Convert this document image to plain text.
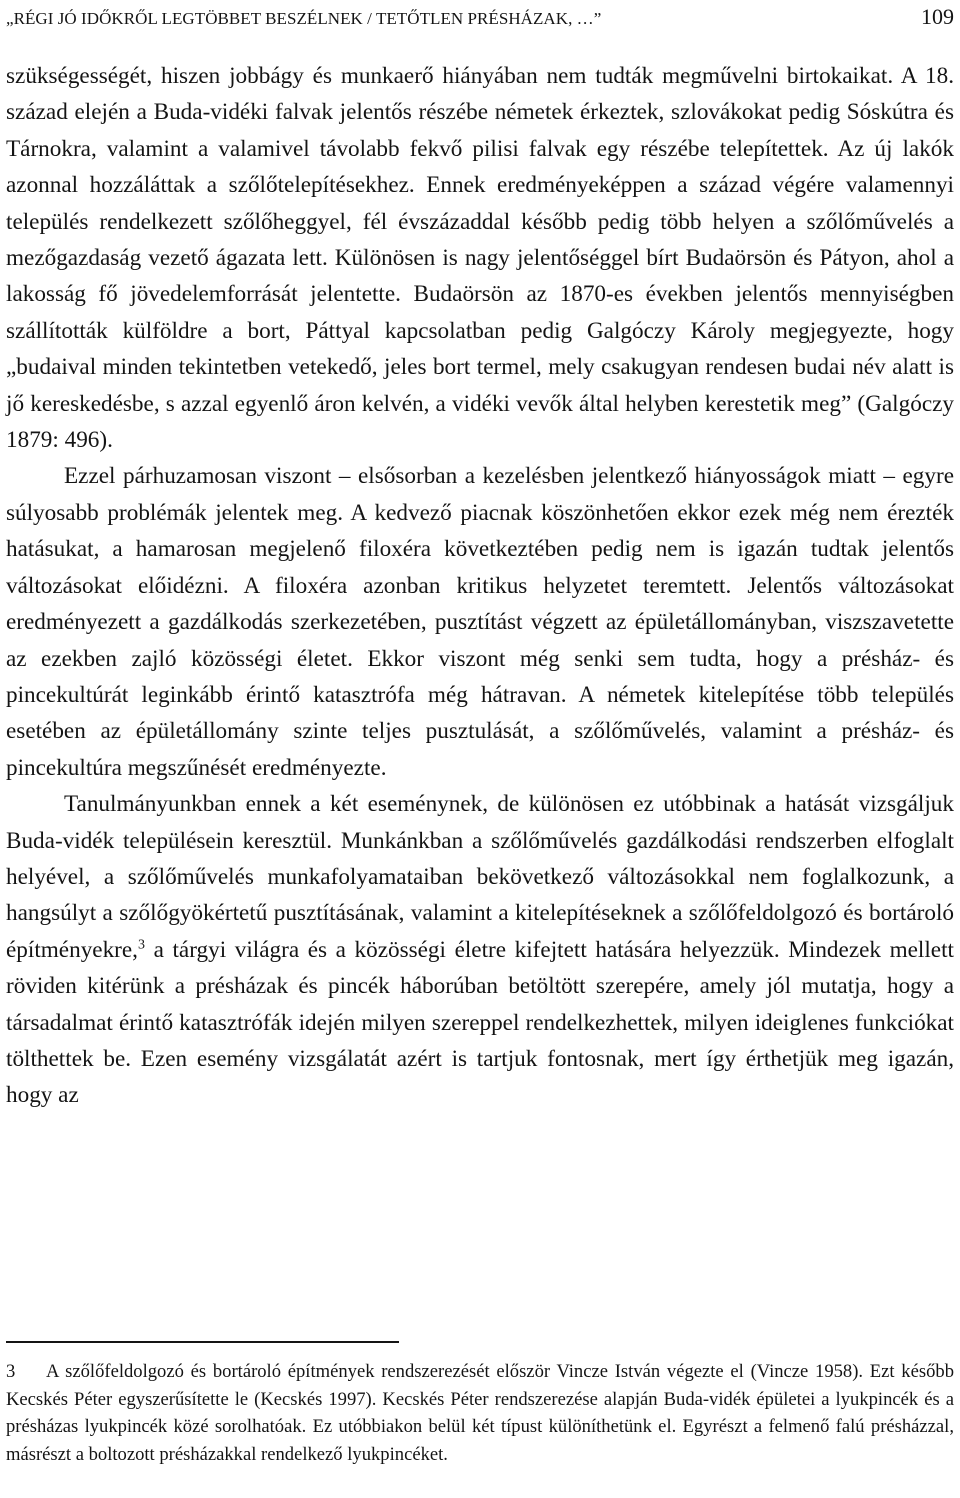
„RÉGI JÓ IDŐKRŐL LEGTÖBBET BESZÉLNEK / TETŐTLEN PRÉSHÁZAK, …”	109

szükségességét, hiszen jobbágy és munkaerő hiányában nem tudták megművelni birtokaikat. A 18. század elején a Buda-vidéki falvak jelentős részébe németek érkeztek, szlovákokat pedig Sóskútra és Tárnokra, valamint a valamivel távolabb fekvő pilisi falvak egy részébe telepítettek. Az új lakók azonnal hozzáláttak a szőlőtelepítésekhez. Ennek eredményeképpen a század végére valamennyi település rendelkezett szőlőheggyel, fél évszázaddal később pedig több helyen a szőlőművelés a mezőgazdaság vezető ágazata lett. Különösen is nagy jelentőséggel bírt Budaörsön és Pátyon, ahol a lakosság fő jövedelemforrását jelentette. Budaörsön az 1870-es években jelentős mennyiségben szállították külföldre a bort, Páttyal kapcsolatban pedig Galgóczy Károly megjegyezte, hogy „budaival minden tekintetben vetekedő, jeles bort termel, mely csakugyan rendesen budai név alatt is jő kereskedésbe, s azzal egyenlő áron kelvén, a vidéki vevők által helyben kerestetik meg” (Galgóczy 1879: 496).

Ezzel párhuzamosan viszont – elsősorban a kezelésben jelentkező hiányosságok miatt – egyre súlyosabb problémák jelentek meg. A kedvező piacnak köszönhetően ekkor ezek még nem érezték hatásukat, a hamarosan megjelenő filoxéra következtében pedig nem is igazán tudtak jelentős változásokat előidézni. A filoxéra azonban kritikus helyzetet teremtett. Jelentős változásokat eredményezett a gazdálkodás szerkezetében, pusztítást végzett az épületállományban, viszszavetette az ezekben zajló közösségi életet. Ekkor viszont még senki sem tudta, hogy a présház- és pincekultúrát leginkább érintő katasztrófa még hátravan. A németek kitelepítése több település esetében az épületállomány szinte teljes pusztulását, a szőlőművelés, valamint a présház- és pincekultúra megszűnését eredményezte.

Tanulmányunkban ennek a két eseménynek, de különösen ez utóbbinak a hatását vizsgáljuk Buda-vidék településein keresztül. Munkánkban a szőlőművelés gazdálkodási rendszerben elfoglalt helyével, a szőlőművelés munkafolyamataiban bekövetkező változásokkal nem foglalkozunk, a hangsúlyt a szőlőgyökértetű pusztításának, valamint a kitelepítéseknek a szőlőfeldolgozó és bortároló építményekre,$^3$ a tárgyi világra és a közösségi életre kifejtett hatására helyezzük. Mindezek mellett röviden kitérünk a présházak és pincék háborúban betöltött szerepére, amely jól mutatja, hogy a társadalmat érintő katasztrófák idején milyen szereppel rendelkezhettek, milyen ideiglenes funkciókat tölthettek be. Ezen esemény vizsgálatát azért is tartjuk fontosnak, mert így érthetjük meg igazán, hogy az

3 A szőlőfeldolgozó és bortároló építmények rendszerezését először Vincze István végezte el (Vincze 1958). Ezt később Kecskés Péter egyszerűsítette le (Kecskés 1997). Kecskés Péter rendszerezése alapján Buda-vidék épületei a lyukpincék és a présházas lyukpincék közé sorolhatóak. Ez utóbbiakon belül két típust különíthetünk el. Egyrészt a felmenő falú présházzal, másrészt a boltozott présházakkal rendelkező lyukpincéket.
